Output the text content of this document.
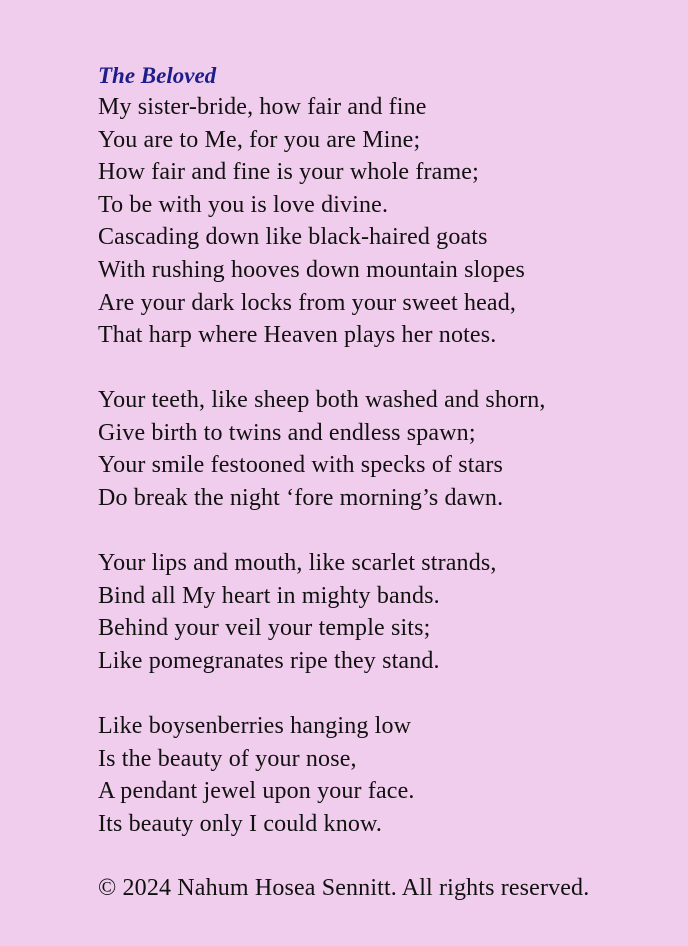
The Beloved
My sister-bride, how fair and fine
You are to Me, for you are Mine;
How fair and fine is your whole frame;
To be with you is love divine.
Cascading down like black-haired goats
With rushing hooves down mountain slopes
Are your dark locks from your sweet head,
That harp where Heaven plays her notes.
Your teeth, like sheep both washed and shorn,
Give birth to twins and endless spawn;
Your smile festooned with specks of stars
Do break the night ‘fore morning’s dawn.
Your lips and mouth, like scarlet strands,
Bind all My heart in mighty bands.
Behind your veil your temple sits;
Like pomegranates ripe they stand.
Like boysenberries hanging low
Is the beauty of your nose,
A pendant jewel upon your face.
Its beauty only I could know.

© 2024 Nahum Hosea Sennitt. All rights reserved.
